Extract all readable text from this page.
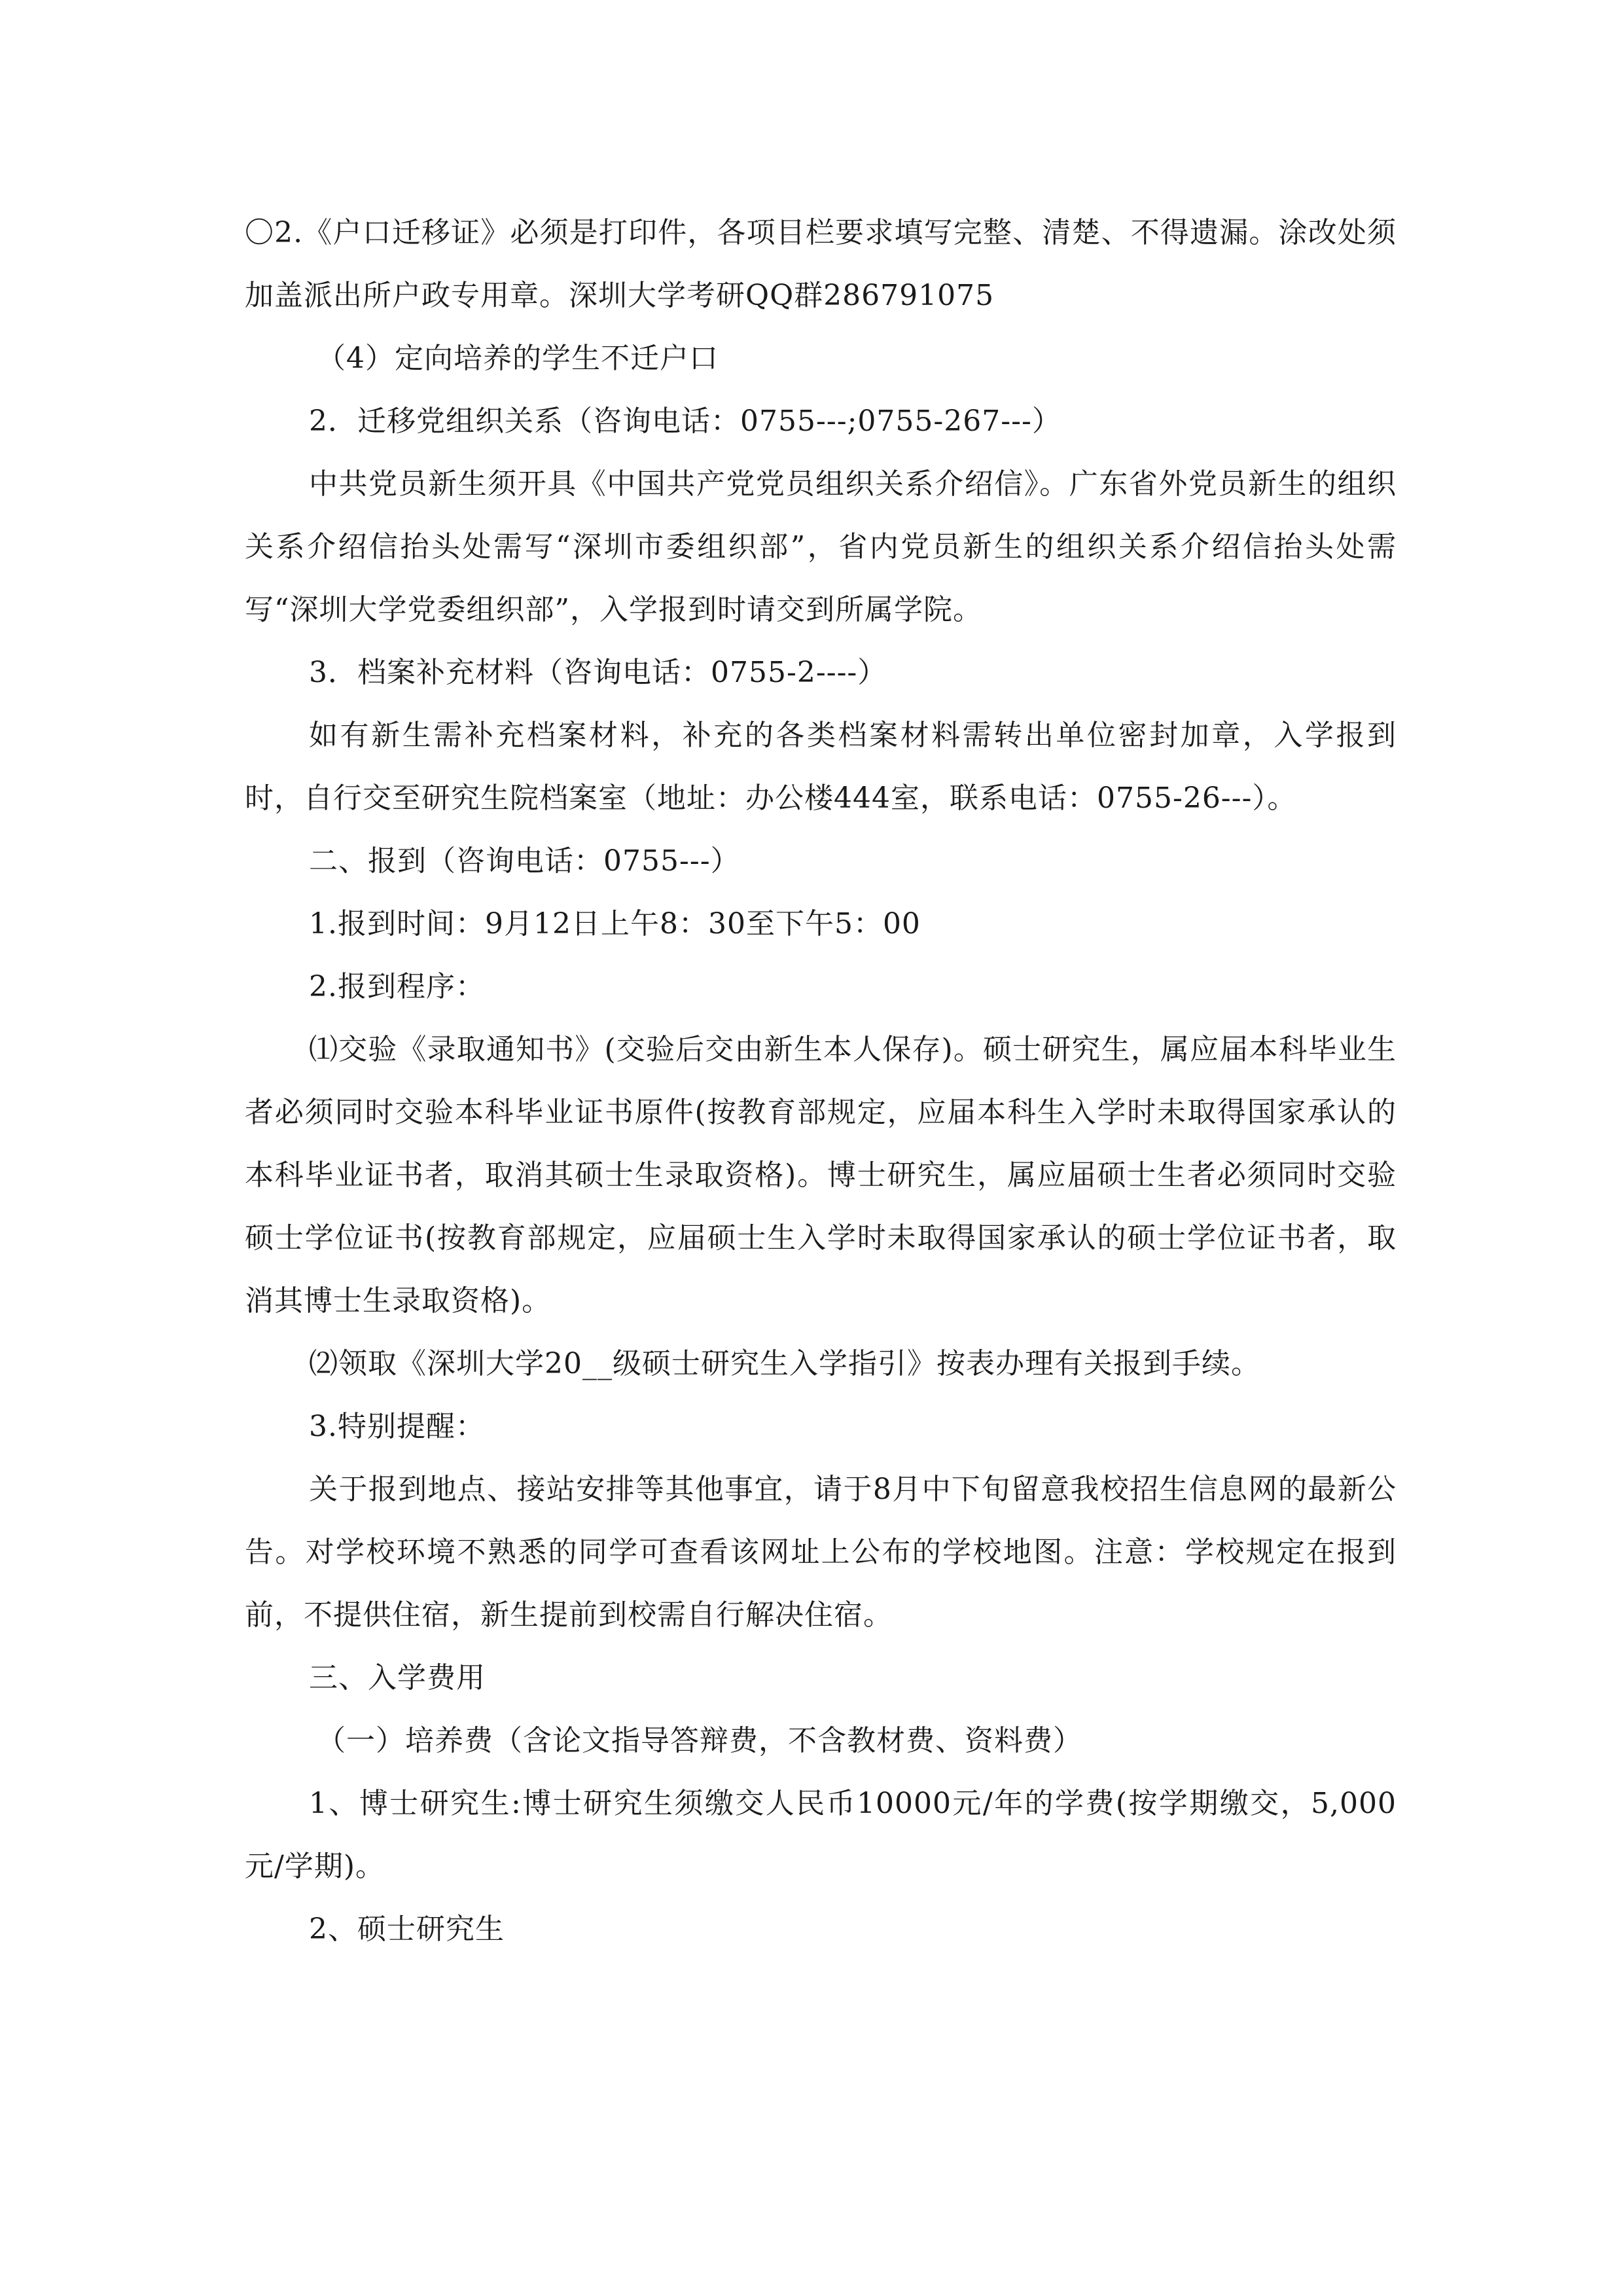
〇2.《户口迁移证》必须是打印件，各项目栏要求填写完整、清楚、不得遗漏。涂改处须加盖派出所户政专用章。深圳大学考研QQ群286791075

（4）定向培养的学生不迁户口

2．迁移党组织关系（咨询电话：0755---;0755-267---）

中共党员新生须开具《中国共产党党员组织关系介绍信》。广东省外党员新生的组织关系介绍信抬头处需写“深圳市委组织部”，省内党员新生的组织关系介绍信抬头处需写“深圳大学党委组织部”，入学报到时请交到所属学院。

3．档案补充材料（咨询电话：0755-2----）

如有新生需补充档案材料，补充的各类档案材料需转出单位密封加章，入学报到时，自行交至研究生院档案室（地址：办公楼444室，联系电话：0755-26---）。

二、报到（咨询电话：0755---）

1.报到时间：9月12日上午8：30至下午5：00

2.报到程序：

⑴交验《录取通知书》(交验后交由新生本人保存)。硕士研究生，属应届本科毕业生者必须同时交验本科毕业证书原件(按教育部规定，应届本科生入学时未取得国家承认的本科毕业证书者，取消其硕士生录取资格)。博士研究生，属应届硕士生者必须同时交验硕士学位证书(按教育部规定，应届硕士生入学时未取得国家承认的硕士学位证书者，取消其博士生录取资格)。

⑵领取《深圳大学20__级硕士研究生入学指引》按表办理有关报到手续。

3.特别提醒：

关于报到地点、接站安排等其他事宜，请于8月中下旬留意我校招生信息网的最新公告。对学校环境不熟悉的同学可查看该网址上公布的学校地图。注意：学校规定在报到前，不提供住宿，新生提前到校需自行解决住宿。

三、入学费用

（一）培养费（含论文指导答辩费，不含教材费、资料费）

1、博士研究生:博士研究生须缴交人民币10000元/年的学费(按学期缴交，5,000元/学期)。

2、硕士研究生
